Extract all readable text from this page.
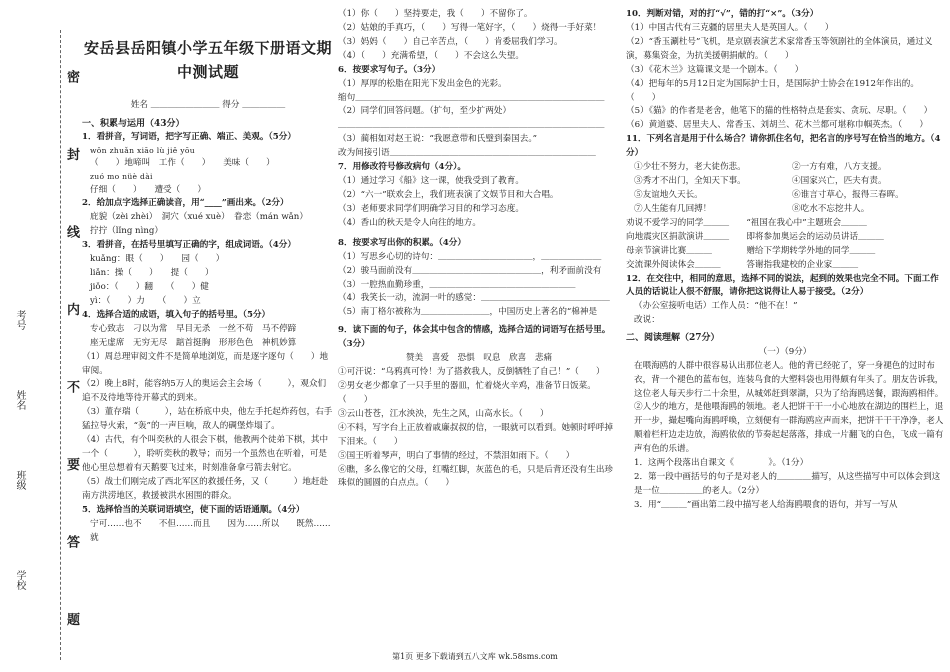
考号
姓名
班级
学校	密 封 线 内 不 要 答 题
安岳县岳阳镇小学五年级下册语文期中测试题
姓名 ＿＿＿＿＿＿＿＿ 得分 ＿＿＿＿＿
一、积累与运用（43分）
1．看拼音，写词语，把字写正确、端正、美观。（5分）
wǒn zhuǎn xiāo lù jiě yōu
（　　）地啼叫　工作（　　）　　美味（　　）
zuó mo nüè dài
仔细（　　）　　遭受（　　）
2．给加点字选择正确读音，用“____”画出来。（2分）
庇貌（zèi zhèi）　洞穴（xué xuè）　眷恋（mán wǎn）
拧拧（lǐng nìng）
3．看拼音，在括号里填写正确的字，组成词语。（4分）
kuǎng：眼（　　）　　园（　　）
liǎn：操（　　）　　提（　　）
jiǒo：（　　）翻　　（　　）健
yì：（　　）力　　（　　）立
4．选择合适的成语，填入句子的括号里。（5分）
专心致志　刁以为常　早目无杀　一丝不苟　马不停蹄
座无虚席　无穷无尽　踮首挺胸　形形色色　神机妙算
（1）周总理审阅文件不是简单地浏览，而是逐字逐句（　　）地审阅。
（2）晚上8时，能容纳5万人的奥运会主会场（　　　），观众们追不及待地等待开幕式的到来。
（3）董存瑞（　　　），站在桥底中央，他左手托起炸药包，右手猛拉导火索，“轰”的一声巨响，敌人的碉堡炸塌了。
（4）古代，有个叫奕秋的人很会下棋，他教两个徒弟下棋，其中一个（　　　），聆听奕秋的教导；而另一个虽然也在听着，可是他心里总想着有天鹅要飞过来，时刻准备拿弓箭去射它。
（5）战士们刚完成了西北军区的救援任务，又（　　　）地赶赴南方洪涝地区，救援被洪水困围的群众。
5．选择恰当的关联词语填空，使下面的话语通顺。（4分）
宁可……也不　　不但……而且　　因为……所以　　既然……就
（1）你（　　）坚持要走，我（　　）不留你了。
（2）姑娘的手真巧，（　　）写得一笔好字，（　　）烧得一手好菜！
（3）妈妈（　　）自己辛苦点，（　　）肯委屈我们学习。
（4）（　　）充满希望，（　　）不会这么失望。
6．按要求写句子。（3分）
（1）厚厚的松脂在阳光下发出金色的光彩。
缩句＿＿＿＿＿＿＿＿＿＿＿＿＿＿＿＿＿＿＿＿＿＿＿＿＿＿＿＿＿
（2）同学们回答问题。（扩句，至少扩两处）
＿＿＿＿＿＿＿＿＿＿＿＿＿＿＿＿＿＿＿＿＿＿＿＿＿＿＿＿＿＿＿
（3）蔺相如对赵王说：“我愿意带和氏璧到秦国去。”
改为间接引语＿＿＿＿＿＿＿＿＿＿＿＿＿＿＿＿＿＿＿＿＿＿＿＿
7．用修改符号修改病句（4分）。
（1）通过学习《船》这一课，使我受到了教育。
（2）“六一”联欢会上，我们班表演了文娱节目和大合唱。
（3）老师要求同学们明确学习目的和学习态度。
（4）香山的秋天是令人向往的地方。
8．按要求写出你的积累。（4分）
（1）写思乡心切的诗句：＿＿＿＿＿＿＿＿＿＿＿，＿＿＿＿＿＿＿
（2）骏马面前没有＿＿＿＿＿＿＿＿＿＿＿＿＿＿＿，利矛面前没有
（3）一腔热血勤珍重，＿＿＿＿＿＿＿＿＿＿＿＿＿＿＿＿＿
（4）我笑长一动，流洞一叶的感觉：＿＿＿＿＿＿＿＿＿＿＿＿＿＿＿
（5）南丁格尔被称为＿＿＿＿＿＿＿＿，中国历史上著名的“棉神是
9．读下面的句子，体会其中包含的情感，选择合适的词语写在括号里。（3分）
赞美　喜爱　恐惧　叹息　欣喜　悲痛
①可汗说：“乌鸦真可怜！为了搭救我人，反倒牺牲了自己！”（　　）
②男女老少都拿了一只手里的器皿，忙着烧火辛鸡，准备节日饭菜。（　　）
③云山苍苍，江水泱泱，先生之风，山高水长。（　　）
④不料，写字台上正放着戚廉叔叔的信，一眼就可以看到。她顿时呼呼掉下泪来。（　　）
⑤国王听着琴声，明白了事情的经过，不禁泪如雨下。（　　）
⑥瞧，多么像它的父母，红嘴红脚，灰蓝色的毛，只是后背还没有生出珍珠似的圆圆的白点点。（　　）
10．判断对错，对的打“√”，错的打“×”。（3分）
（1）中国古代有三克疆的居里夫人是英国人。（　　）
（2）“香玉涮杜号”飞机，是京剧表演艺术家常香玉等领剧社的全体演员，通过义演，募集资金，为抗美援朝捐献的。（　　）
（3）《花木兰》这篇课文是一个剧本。（　　）
（4）把每年的5月12日定为国际护士日，是国际护士协会在1912年作出的。（　　）
（5）《猫》的作者是老舍，他笔下的猫的性格特点是套实、贪玩、尽职。（　　）
（6）黄道婆、居里夫人、常香玉、刘胡兰、花木兰都可堪称巾帼英杰。（　　）
11．下列名言是用于什么场合？请你抓住名句，把名言的序号写在恰当的地方。（4分）
①少壮不努力，老大徒伤悲。	②一方有难，八方支援。
③秀才不出门，全知天下事。	④国家兴亡，匹夫有责。
⑤友谊地久天长。	⑥谁言寸草心，报得三春晖。
⑦人生能有几回搏！	⑧吃水不忘挖井人。
劝说不爱学习的同学＿＿＿　　“祖国在我心中”主题班会＿＿＿
向地震灾区捐款演讲＿＿＿　　即将参加奥运会的运动员讲话＿＿＿
母亲节演讲比赛＿＿＿　　　　赠给下学期转学外地的同学＿＿＿
交流课外阅读体会＿＿＿　　　答谢指我建校的企业家＿＿＿
12．在交往中，相同的意思，选择不同的说法，起到的效果也完全不同。下面工作人员的话说让人很不舒服，请你把这说得让人易于接受。（2分）
（办公室接听电话）工作人员：“他不在！”
改说：
二、阅读理解（27分）
（一）（9分）
在喂海鸥的人群中很容易认出那位老人。他的背已经驼了，穿一身褪色的过时布衣，背一个褪色的蓝布包，连装鸟食的大塑料袋也用得颇有年头了。朋友告诉我，这位老人每天步行二十余里，从城郊赶到翠湖，只为了给海鸥送餐，跟海鸥相伴。
②人少的地方，是他喂海鸥的领地。老人把饼干干一小心地放在湖边的围栏上，退开一步，撮起嘴向海鸥呼唤，立刻便有一群海鸥应声而来，把饼干干干净净，老人顺着栏杆边走边放，海鸥依依的节奏起起落落，排成一片翻飞的白色，飞成一篇有声有色的乐谱。
1．这两个段落出自课文《　　　　》。（1分）
2．第一段中画括号的句子是对老人的＿＿＿＿描写，从这些描写中可以体会到这是一位＿＿＿＿＿的老人。（2分）
3．用“＿＿＿”画出第二段中描写老人给海鸥喂食的语句，并写一写从
第1页 更多下载请到五八文库 wk.58sms.com
